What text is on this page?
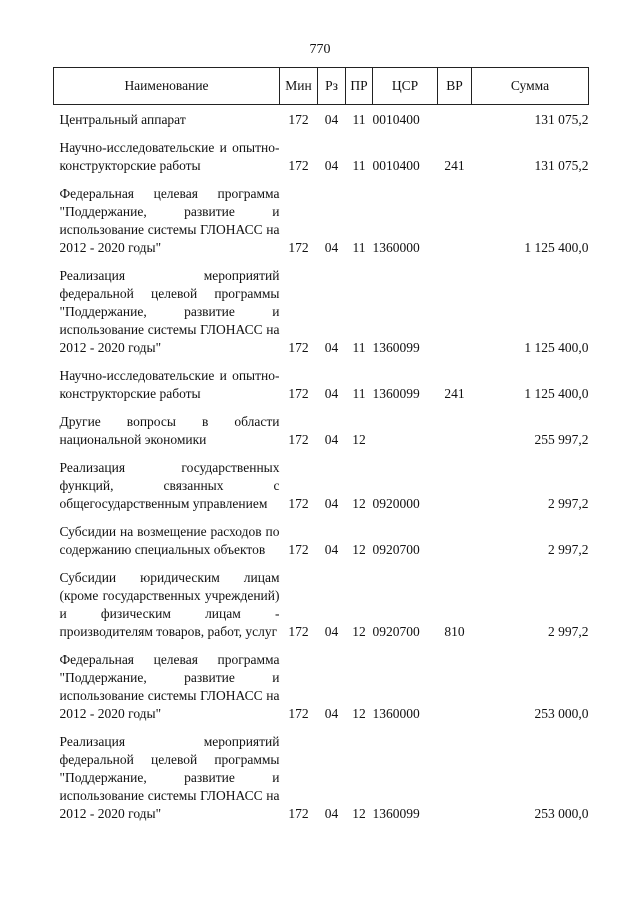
770
Наименование	Мин	Рз	ПР	ЦСР	ВР	Сумма
Центральный аппарат	172	04	11	0010400		131 075,2
Научно-исследовательские и опытно-конструкторские работы	172	04	11	0010400	241	131 075,2
Федеральная целевая программа "Поддержание, развитие и использование системы ГЛОНАСС на 2012 - 2020 годы"	172	04	11	1360000		1 125 400,0
Реализация мероприятий федеральной целевой программы "Поддержание, развитие и использование системы ГЛОНАСС на 2012 - 2020 годы"	172	04	11	1360099		1 125 400,0
Научно-исследовательские и опытно-конструкторские работы	172	04	11	1360099	241	1 125 400,0
Другие вопросы в области национальной экономики	172	04	12			255 997,2
Реализация государственных функций, связанных с общегосударственным управлением	172	04	12	0920000		2 997,2
Субсидии на возмещение расходов по содержанию специальных объектов	172	04	12	0920700		2 997,2
Субсидии юридическим лицам (кроме государственных учреждений) и физическим лицам - производителям товаров, работ, услуг	172	04	12	0920700	810	2 997,2
Федеральная целевая программа "Поддержание, развитие и использование системы ГЛОНАСС на 2012 - 2020 годы"	172	04	12	1360000		253 000,0
Реализация мероприятий федеральной целевой программы "Поддержание, развитие и использование системы ГЛОНАСС на 2012 - 2020 годы"	172	04	12	1360099		253 000,0
